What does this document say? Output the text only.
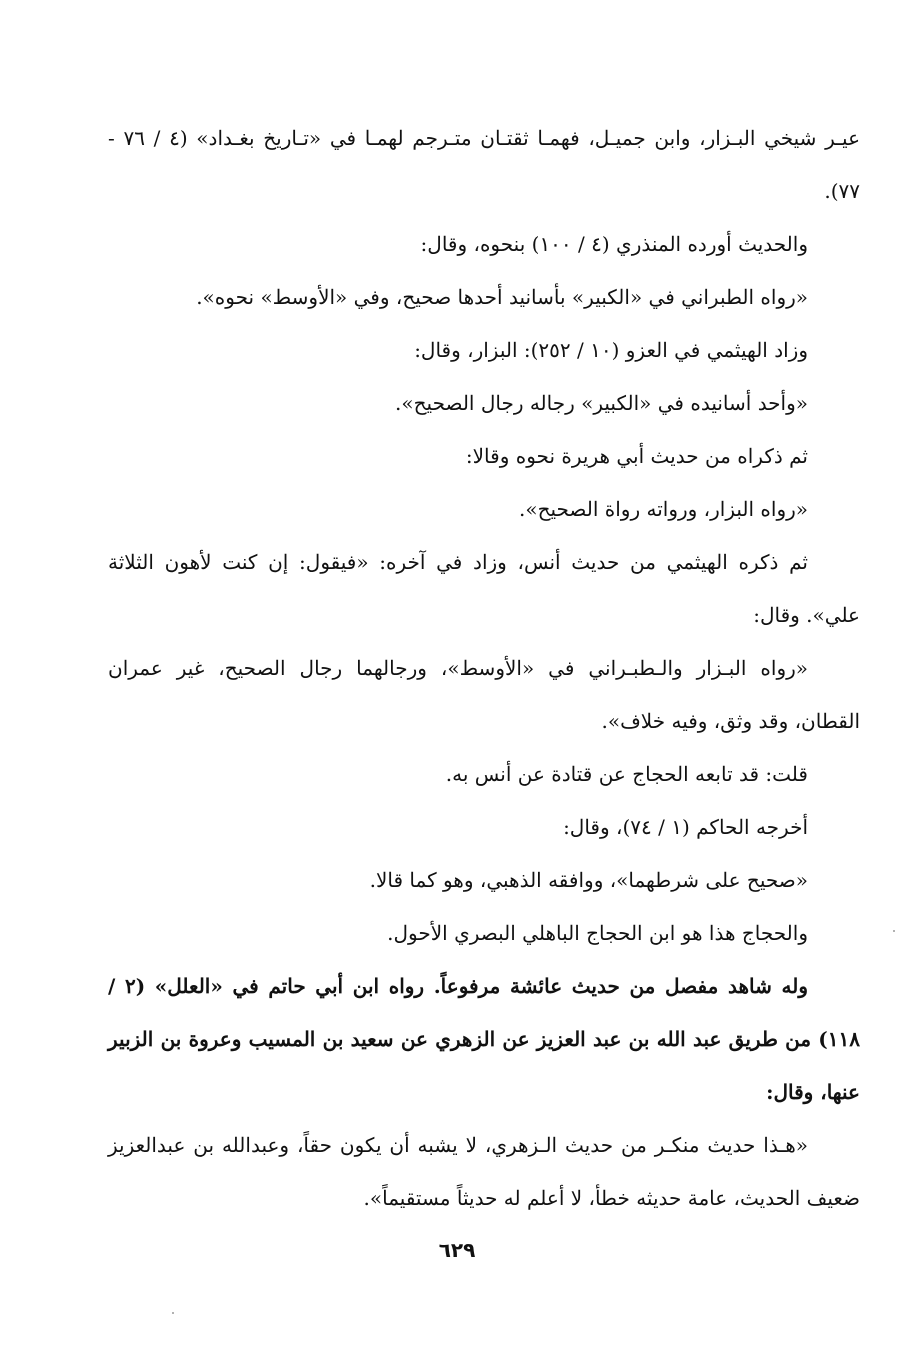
عيـر شيخي البـزار، وابن جميـل، فهمـا ثقتـان متـرجم لهمـا في «تـاريخ بغـداد» (٤ / ٧٦ - ٧٧).

والحديث أورده المنذري (٤ / ١٠٠) بنحوه، وقال:

«رواه الطبراني في «الكبير» بأسانيد أحدها صحيح، وفي «الأوسط» نحوه».

وزاد الهيثمي في العزو (١٠ / ٢٥٢): البزار، وقال:

«وأحد أسانيده في «الكبير» رجاله رجال الصحيح».

ثم ذكراه من حديث أبي هريرة نحوه وقالا:

«رواه البزار، ورواته رواة الصحيح».

ثم ذكره الهيثمي من حديث أنس، وزاد في آخره: «فيقول: إن كنت لأهون الثلاثة علي». وقال:

«رواه البـزار والـطبـراني في «الأوسط»، ورجالهما رجال الصحيح، غير عمران القطان، وقد وثق، وفيه خلاف».

قلت: قد تابعه الحجاج عن قتادة عن أنس به.

أخرجه الحاكم (١ / ٧٤)، وقال:

«صحيح على شرطهما»، ووافقه الذهبي، وهو كما قالا.

والحجاج هذا هو ابن الحجاج الباهلي البصري الأحول.

وله شاهد مفصل من حديث عائشة مرفوعاً. رواه ابن أبي حاتم في «العلل» (٢ / ١١٨) من طريق عبد الله بن عبد العزيز عن الزهري عن سعيد بن المسيب وعروة بن الزبير عنها، وقال:

«هـذا حديث منكـر من حديث الـزهري، لا يشبه أن يكون حقاً، وعبدالله بن عبدالعزيز ضعيف الحديث، عامة حديثه خطأ، لا أعلم له حديثاً مستقيماً».

٦٢٩
